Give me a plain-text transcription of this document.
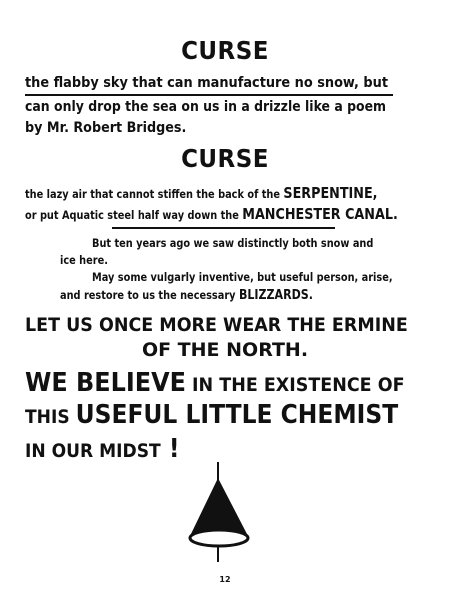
CURSE
the flabby sky that can manufacture no snow, but
can only drop the sea on us in a drizzle like a poem
by Mr. Robert Bridges.
CURSE
the lazy air that cannot stiffen the back of the SERPENTINE,
or put Aquatic steel half way down the MANCHESTER CANAL.
But ten years ago we saw distinctly both snow and
ice here.
May some vulgarly inventive, but useful person, arise,
and restore to us the necessary BLIZZARDS.
LET US ONCE MORE WEAR THE ERMINE
OF THE NORTH.
WE BELIEVE IN THE EXISTENCE OF
THIS USEFUL LITTLE CHEMIST
IN OUR MIDST !
12
